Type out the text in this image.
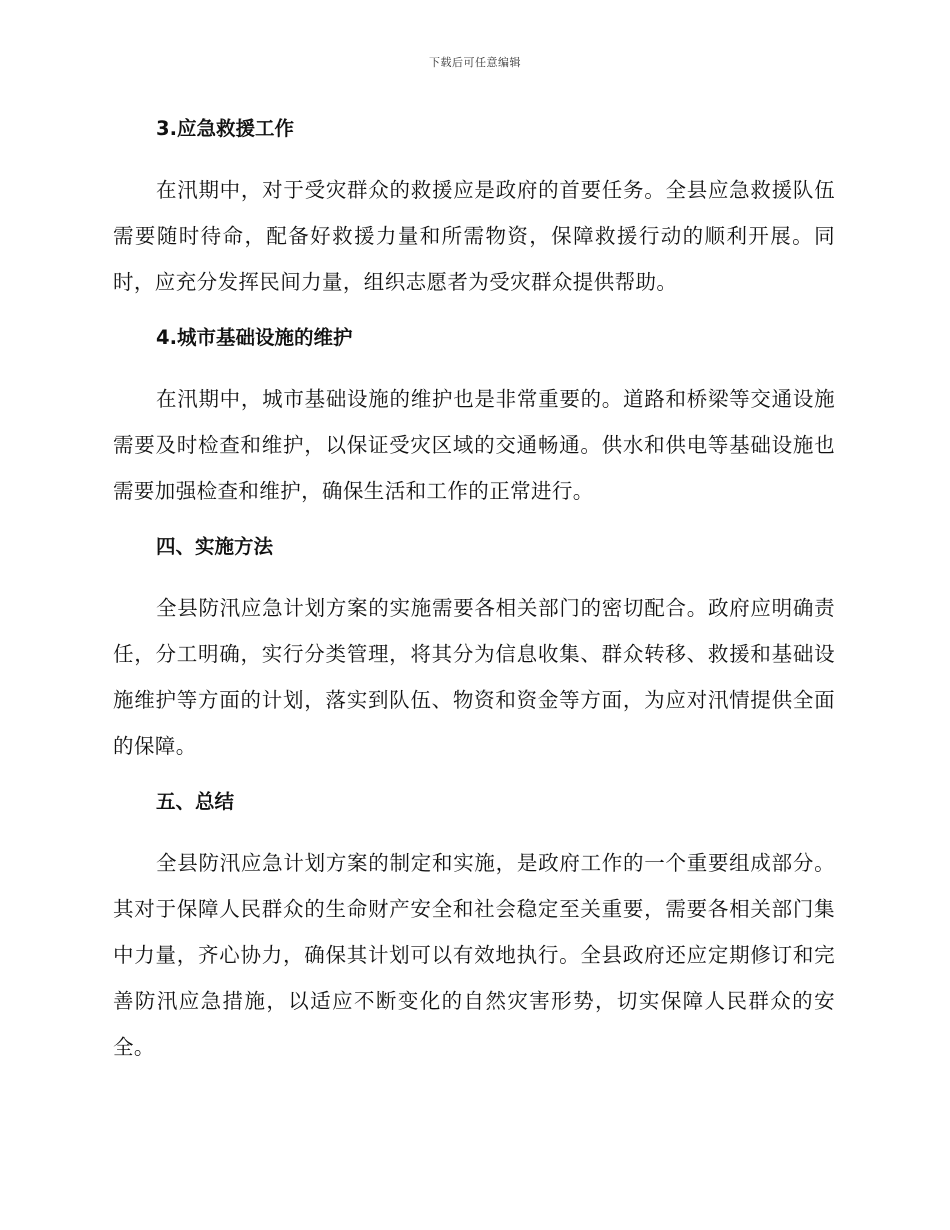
下载后可任意编辑
3.应急救援工作

在汛期中，对于受灾群众的救援应是政府的首要任务。全县应急救援队伍需要随时待命，配备好救援力量和所需物资，保障救援行动的顺利开展。同时，应充分发挥民间力量，组织志愿者为受灾群众提供帮助。

4.城市基础设施的维护

在汛期中，城市基础设施的维护也是非常重要的。道路和桥梁等交通设施需要及时检查和维护，以保证受灾区域的交通畅通。供水和供电等基础设施也需要加强检查和维护，确保生活和工作的正常进行。

四、实施方法

全县防汛应急计划方案的实施需要各相关部门的密切配合。政府应明确责任，分工明确，实行分类管理，将其分为信息收集、群众转移、救援和基础设施维护等方面的计划，落实到队伍、物资和资金等方面，为应对汛情提供全面的保障。

五、总结

全县防汛应急计划方案的制定和实施，是政府工作的一个重要组成部分。其对于保障人民群众的生命财产安全和社会稳定至关重要，需要各相关部门集中力量，齐心协力，确保其计划可以有效地执行。全县政府还应定期修订和完善防汛应急措施，以适应不断变化的自然灾害形势，切实保障人民群众的安全。
